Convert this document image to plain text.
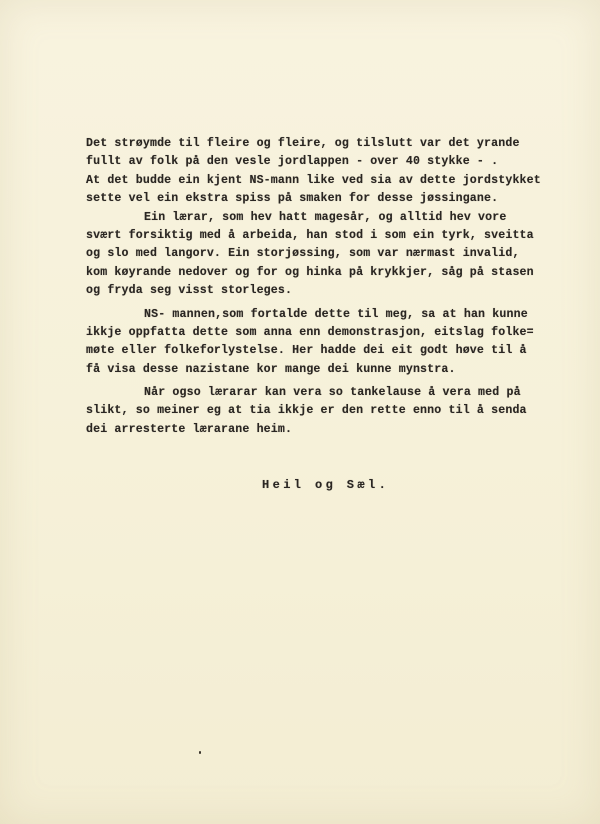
Det strøymde til fleire og fleire, og tilslutt var det yrande
fullt av folk på den vesle jordlappen - over 40 stykke - .
At det budde ein kjent NS-mann like ved sia av dette jordstykket
sette vel ein ekstra spiss på smaken for desse jøssingane.
Ein lærar, som hev hatt magesår, og alltid hev vore
svært forsiktig med å arbeida, han stod i som ein tyrk, sveitta
og slo med langorv. Ein storjøssing, som var nærmast invalid,
kom køyrande nedover og for og hinka på krykkjer, såg på stasen
og fryda seg visst storleges.
NS- mannen,som fortalde dette til meg, sa at han kunne
ikkje oppfatta dette som anna enn demonstrasjon, eitslag folke=
møte eller folkeforlystelse. Her hadde dei eit godt høve til å
få visa desse nazistane kor mange dei kunne mynstra.
Når ogso lærarar kan vera so tankelause å vera med på
slikt, so meiner eg at tia ikkje er den rette enno til å senda
dei arresterte lærarane heim.
Heil og Sæl.
